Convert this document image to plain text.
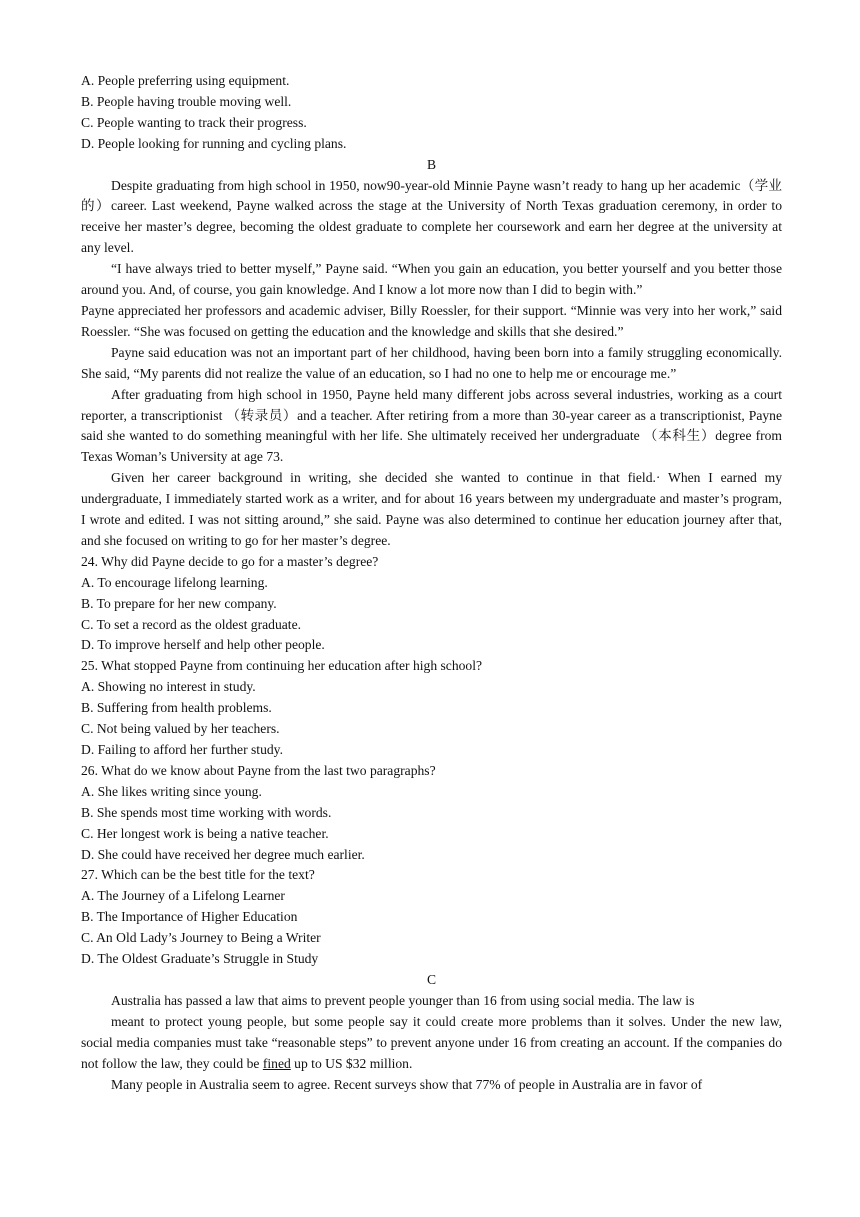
A. People preferring using equipment.

B. People having trouble moving well.

C. People wanting to track their progress.

D. People looking for running and cycling plans.

B

Despite graduating from high school in 1950, now90-year-old Minnie Payne wasn’t ready to hang up her academic（学业的）career. Last weekend, Payne walked across the stage at the University of North Texas graduation ceremony, in order to receive her master’s degree, becoming the oldest graduate to complete her coursework and earn her degree at the university at any level.

“I have always tried to better myself,” Payne said. “When you gain an education, you better yourself and you better those around you. And, of course, you gain knowledge. And I know a lot more now than I did to begin with.”

Payne appreciated her professors and academic adviser, Billy Roessler, for their support. “Minnie was very into her work,” said Roessler. “She was focused on getting the education and the knowledge and skills that she desired.”

Payne said education was not an important part of her childhood, having been born into a family struggling economically. She said, “My parents did not realize the value of an education, so I had no one to help me or encourage me.”

After graduating from high school in 1950, Payne held many different jobs across several industries, working as a court reporter, a transcriptionist （转录员）and a teacher. After retiring from a more than 30-year career as a transcriptionist, Payne said she wanted to do something meaningful with her life. She ultimately received her undergraduate （本科生）degree from Texas Woman’s University at age 73.

Given her career background in writing, she decided she wanted to continue in that field.· When I earned my undergraduate, I immediately started work as a writer, and for about 16 years between my undergraduate and master’s program, I wrote and edited. I was not sitting around,” she said. Payne was also determined to continue her education journey after that, and she focused on writing to go for her master’s degree.

24. Why did Payne decide to go for a master’s degree?

A. To encourage lifelong learning.

B. To prepare for her new company.

C. To set a record as the oldest graduate.

D. To improve herself and help other people.

25. What stopped Payne from continuing her education after high school?

A. Showing no interest in study.

B. Suffering from health problems.

C. Not being valued by her teachers.

D. Failing to afford her further study.

26. What do we know about Payne from the last two paragraphs?

A. She likes writing since young.

B. She spends most time working with words.

C. Her longest work is being a native teacher.

D. She could have received her degree much earlier.

27. Which can be the best title for the text?

A. The Journey of a Lifelong Learner

B. The Importance of Higher Education

C. An Old Lady’s Journey to Being a Writer

D. The Oldest Graduate’s Struggle in Study

C

Australia has passed a law that aims to prevent people younger than 16 from using social media. The law is

meant to protect young people, but some people say it could create more problems than it solves. Under the new law, social media companies must take “reasonable steps” to prevent anyone under 16 from creating an account. If the companies do not follow the law, they could be fined up to US $32 million.

Many people in Australia seem to agree. Recent surveys show that 77% of people in Australia are in favor of
